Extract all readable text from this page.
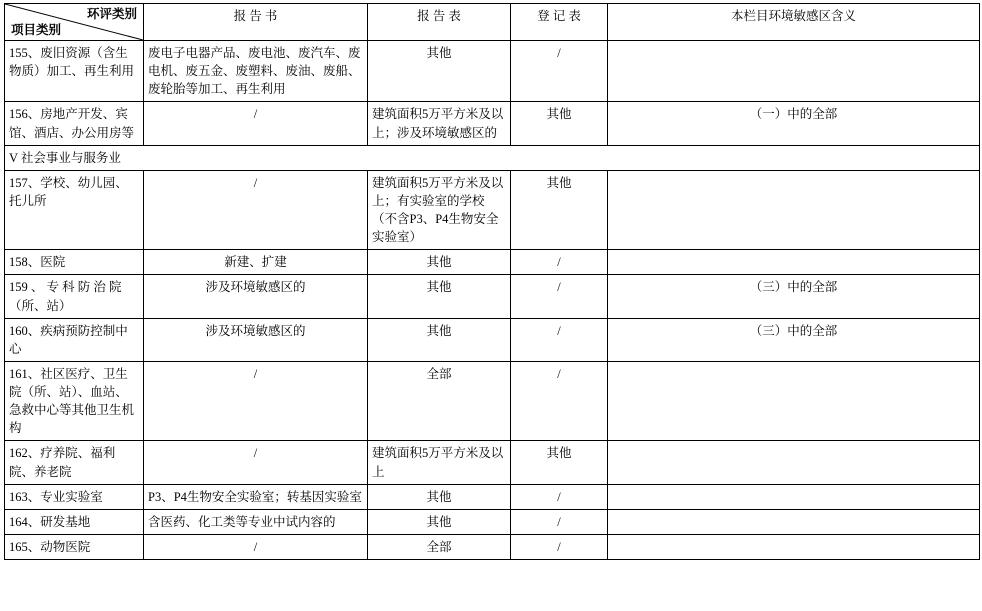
环评类别
项目类别	报 告 书	报 告 表	登 记 表	本栏目环境敏感区含义
155、废旧资源（含生物质）加工、再生利用	废电子电器产品、废电池、废汽车、废电机、废五金、废塑料、废油、废船、废轮胎等加工、再生利用	其他	/	
156、房地产开发、宾馆、酒店、办公用房等	/	建筑面积5万平方米及以上；涉及环境敏感区的	其他	（一）中的全部
V 社会事业与服务业				
157、学校、幼儿园、托儿所	/	建筑面积5万平方米及以上；有实验室的学校（不含P3、P4生物安全实验室）	其他	
158、医院	新建、扩建	其他	/	
159 、 专 科 防 治 院（所、站）	涉及环境敏感区的	其他	/	（三）中的全部
160、疾病预防控制中心	涉及环境敏感区的	其他	/	（三）中的全部
161、社区医疗、卫生院（所、站）、血站、急救中心等其他卫生机构	/	全部	/	
162、疗养院、福利院、养老院	/	建筑面积5万平方米及以上	其他	
163、专业实验室	P3、P4生物安全实验室；转基因实验室	其他	/	
164、研发基地	含医药、化工类等专业中试内容的	其他	/	
165、动物医院	/	全部	/	
